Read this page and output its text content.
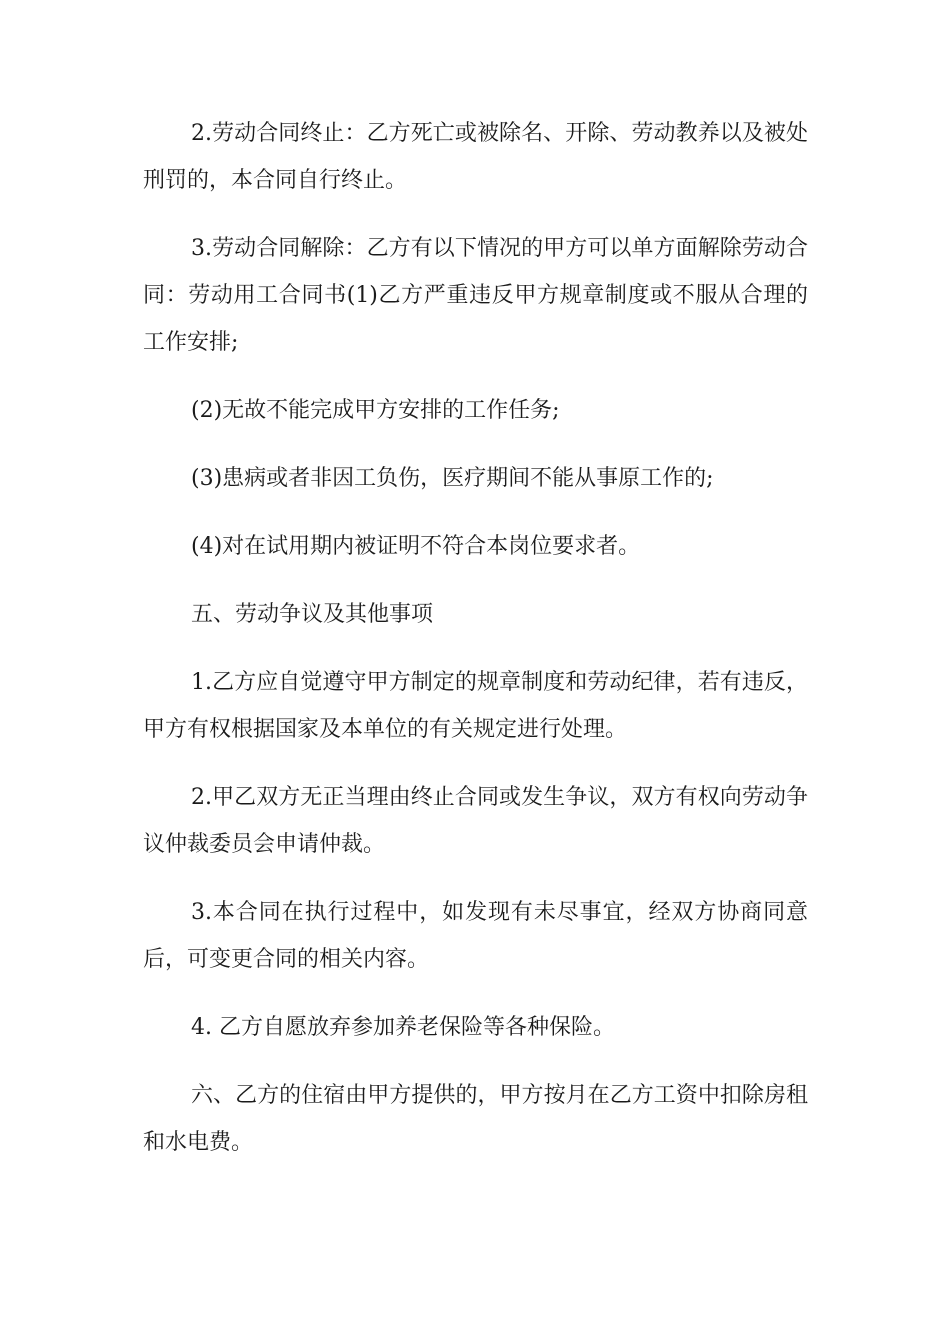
2.劳动合同终止：乙方死亡或被除名、开除、劳动教养以及被处刑罚的，本合同自行终止。

3.劳动合同解除：乙方有以下情况的甲方可以单方面解除劳动合同：劳动用工合同书(1)乙方严重违反甲方规章制度或不服从合理的工作安排;

(2)无故不能完成甲方安排的工作任务;

(3)患病或者非因工负伤，医疗期间不能从事原工作的;

(4)对在试用期内被证明不符合本岗位要求者。

五、劳动争议及其他事项

1.乙方应自觉遵守甲方制定的规章制度和劳动纪律，若有违反，甲方有权根据国家及本单位的有关规定进行处理。

2.甲乙双方无正当理由终止合同或发生争议，双方有权向劳动争议仲裁委员会申请仲裁。

3.本合同在执行过程中，如发现有未尽事宜，经双方协商同意后，可变更合同的相关内容。

4. 乙方自愿放弃参加养老保险等各种保险。

六、乙方的住宿由甲方提供的，甲方按月在乙方工资中扣除房租和水电费。
